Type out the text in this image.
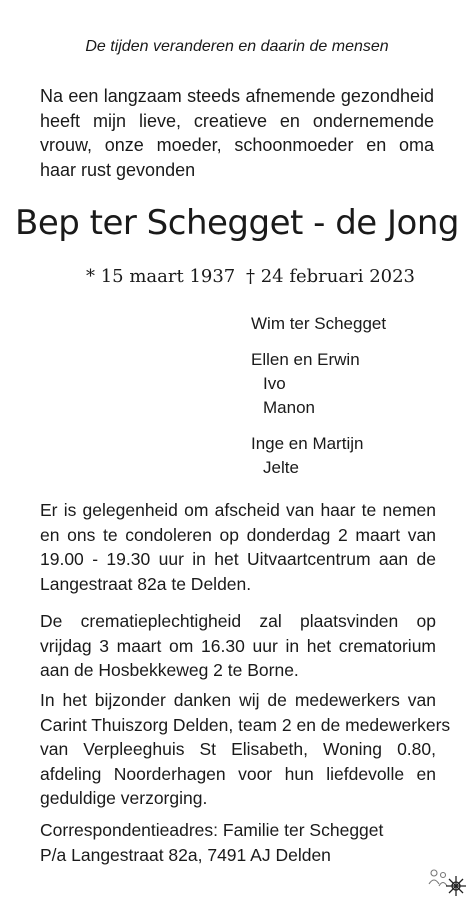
De tijden veranderen en daarin de mensen
Na een langzaam steeds afnemende gezondheid
heeft mijn lieve, creatieve en ondernemende
vrouw, onze moeder, schoonmoeder en oma
haar rust gevonden
Bep ter Schegget - de Jong
* 15 maart 1937 † 24 februari 2023
Wim ter Schegget
Ellen en Erwin
Ivo
Manon
Inge en Martijn
Jelte
Er is gelegenheid om afscheid van haar te nemen
en ons te condoleren op donderdag 2 maart van
19.00 - 19.30 uur in het Uitvaartcentrum aan de
Langestraat 82a te Delden.
De crematieplechtigheid zal plaatsvinden op
vrijdag 3 maart om 16.30 uur in het crematorium
aan de Hosbekkeweg 2 te Borne.
In het bijzonder danken wij de medewerkers van
Carint Thuiszorg Delden, team 2 en de medewerkers
van Verpleeghuis St Elisabeth, Woning 0.80,
afdeling Noorderhagen voor hun liefdevolle en
geduldige verzorging.
Correspondentieadres: Familie ter Schegget
P/a Langestraat 82a, 7491 AJ Delden
